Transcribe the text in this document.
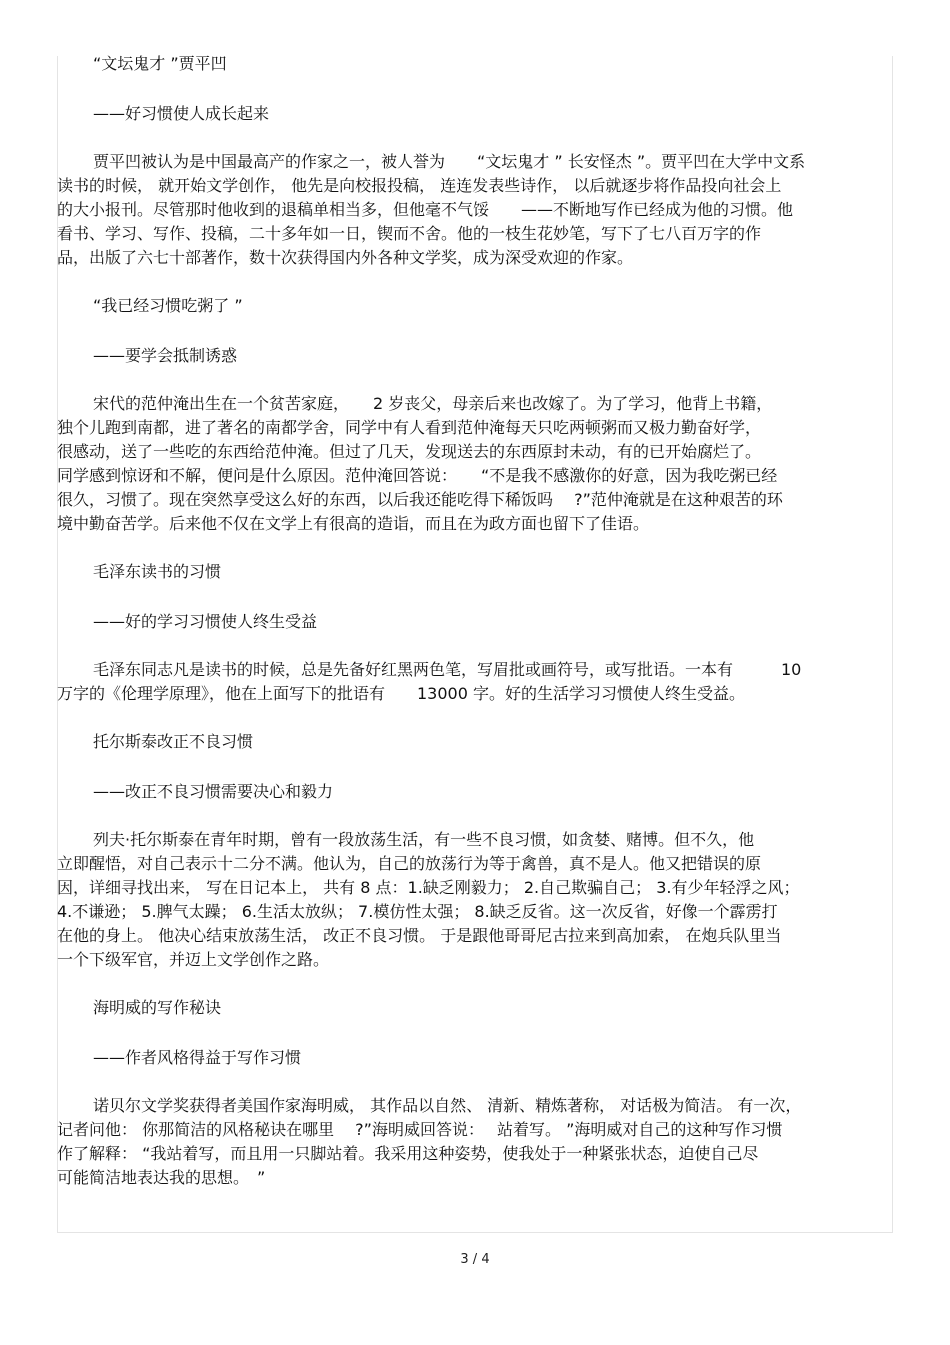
“文坛鬼才 ”贾平凹
——好习惯使人成长起来
贾平凹被认为是中国最高产的作家之一，被人誉为　　“文坛鬼才 ” 长安怪杰 ”。贾平凹在大学中文系
读书的时候， 就开始文学创作， 他先是向校报投稿， 连连发表些诗作， 以后就逐步将作品投向社会上
的大小报刊。尽管那时他收到的退稿单相当多，但他毫不气馁　　——不断地写作已经成为他的习惯。他
看书、学习、写作、投稿，二十多年如一日，锲而不舍。他的一枝生花妙笔，写下了七八百万字的作
品，出版了六七十部著作，数十次获得国内外各种文学奖，成为深受欢迎的作家。
“我已经习惯吃粥了 ”
——要学会抵制诱惑
宋代的范仲淹出生在一个贫苦家庭，　　2 岁丧父，母亲后来也改嫁了。为了学习，他背上书籍，
独个儿跑到南都，进了著名的南都学舍，同学中有人看到范仲淹每天只吃两顿粥而又极力勤奋好学，
很感动，送了一些吃的东西给范仲淹。但过了几天，发现送去的东西原封未动，有的已开始腐烂了。
同学感到惊讶和不解，便问是什么原因。范仲淹回答说：　　“不是我不感激你的好意，因为我吃粥已经
很久，习惯了。现在突然享受这么好的东西，以后我还能吃得下稀饭吗　 ?”范仲淹就是在这种艰苦的环
境中勤奋苦学。后来他不仅在文学上有很高的造诣，而且在为政方面也留下了佳语。
毛泽东读书的习惯
——好的学习习惯使人终生受益
毛泽东同志凡是读书的时候，总是先备好红黑两色笔，写眉批或画符号，或写批语。一本有　　　10
万字的《伦理学原理》，他在上面写下的批语有　　13000 字。好的生活学习习惯使人终生受益。
托尔斯泰改正不良习惯
——改正不良习惯需要决心和毅力
列夫·托尔斯泰在青年时期，曾有一段放荡生活，有一些不良习惯，如贪婪、赌博。但不久，他
立即醒悟，对自己表示十二分不满。他认为，自己的放荡行为等于禽兽，真不是人。他又把错误的原
因，详细寻找出来， 写在日记本上， 共有 8 点：1.缺乏刚毅力； 2.自己欺骗自己； 3.有少年轻浮之风；
4.不谦逊； 5.脾气太躁； 6.生活太放纵； 7.模仿性太强； 8.缺乏反省。这一次反省，好像一个霹雳打
在他的身上。 他决心结束放荡生活， 改正不良习惯。 于是跟他哥哥尼古拉来到高加索， 在炮兵队里当
一个下级军官，并迈上文学创作之路。
海明威的写作秘诀
——作者风格得益于写作习惯
诺贝尔文学奖获得者美国作家海明威， 其作品以自然、 清新、精炼著称， 对话极为简洁。 有一次，
记者问他： 你那简洁的风格秘诀在哪里　 ?”海明威回答说：　 站着写。 ”海明威对自己的这种写作习惯
作了解释： “我站着写，而且用一只脚站着。我采用这种姿势，使我处于一种紧张状态，迫使自己尽
可能简洁地表达我的思想。　”
3 / 4
